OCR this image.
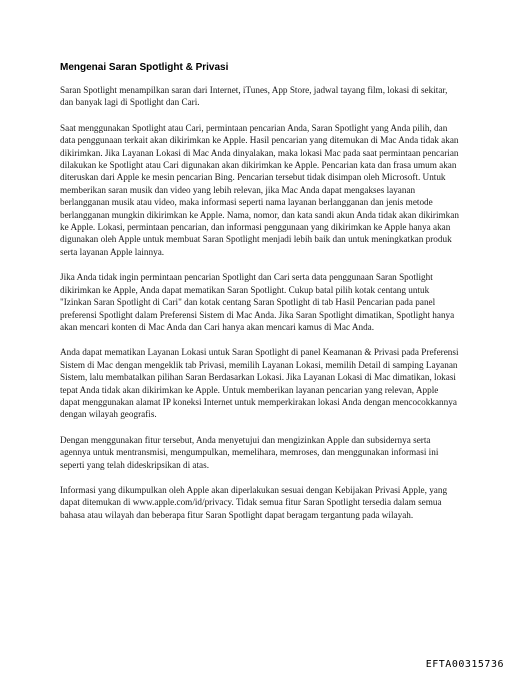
Mengenai Saran Spotlight & Privasi

Saran Spotlight menampilkan saran dari Internet, iTunes, App Store, jadwal tayang film, lokasi di sekitar, dan banyak lagi di Spotlight dan Cari.

Saat menggunakan Spotlight atau Cari, permintaan pencarian Anda, Saran Spotlight yang Anda pilih, dan data penggunaan terkait akan dikirimkan ke Apple. Hasil pencarian yang ditemukan di Mac Anda tidak akan dikirimkan. Jika Layanan Lokasi di Mac Anda dinyalakan, maka lokasi Mac pada saat permintaan pencarian dilakukan ke Spotlight atau Cari digunakan akan dikirimkan ke Apple. Pencarian kata dan frasa umum akan diteruskan dari Apple ke mesin pencarian Bing. Pencarian tersebut tidak disimpan oleh Microsoft. Untuk memberikan saran musik dan video yang lebih relevan, jika Mac Anda dapat mengakses layanan berlangganan musik atau video, maka informasi seperti nama layanan berlangganan dan jenis metode berlangganan mungkin dikirimkan ke Apple. Nama, nomor, dan kata sandi akun Anda tidak akan dikirimkan ke Apple. Lokasi, permintaan pencarian, dan informasi penggunaan yang dikirimkan ke Apple hanya akan digunakan oleh Apple untuk membuat Saran Spotlight menjadi lebih baik dan untuk meningkatkan produk serta layanan Apple lainnya.

Jika Anda tidak ingin permintaan pencarian Spotlight dan Cari serta data penggunaan Saran Spotlight dikirimkan ke Apple, Anda dapat mematikan Saran Spotlight. Cukup batal pilih kotak centang untuk "Izinkan Saran Spotlight di Cari" dan kotak centang Saran Spotlight di tab Hasil Pencarian pada panel preferensi Spotlight dalam Preferensi Sistem di Mac Anda. Jika Saran Spotlight dimatikan, Spotlight hanya akan mencari konten di Mac Anda dan Cari hanya akan mencari kamus di Mac Anda.

Anda dapat mematikan Layanan Lokasi untuk Saran Spotlight di panel Keamanan & Privasi pada Preferensi Sistem di Mac dengan mengeklik tab Privasi, memilih Layanan Lokasi, memilih Detail di samping Layanan Sistem, lalu membatalkan pilihan Saran Berdasarkan Lokasi. Jika Layanan Lokasi di Mac dimatikan, lokasi tepat Anda tidak akan dikirimkan ke Apple. Untuk memberikan layanan pencarian yang relevan, Apple dapat menggunakan alamat IP koneksi Internet untuk memperkirakan lokasi Anda dengan mencocokkannya dengan wilayah geografis.

Dengan menggunakan fitur tersebut, Anda menyetujui dan mengizinkan Apple dan subsidernya serta agennya untuk mentransmisi, mengumpulkan, memelihara, memroses, dan menggunakan informasi ini seperti yang telah dideskripsikan di atas.

Informasi yang dikumpulkan oleh Apple akan diperlakukan sesuai dengan Kebijakan Privasi Apple, yang dapat ditemukan di www.apple.com/id/privacy. Tidak semua fitur Saran Spotlight tersedia dalam semua bahasa atau wilayah dan beberapa fitur Saran Spotlight dapat beragam tergantung pada wilayah.

EFTA00315736
